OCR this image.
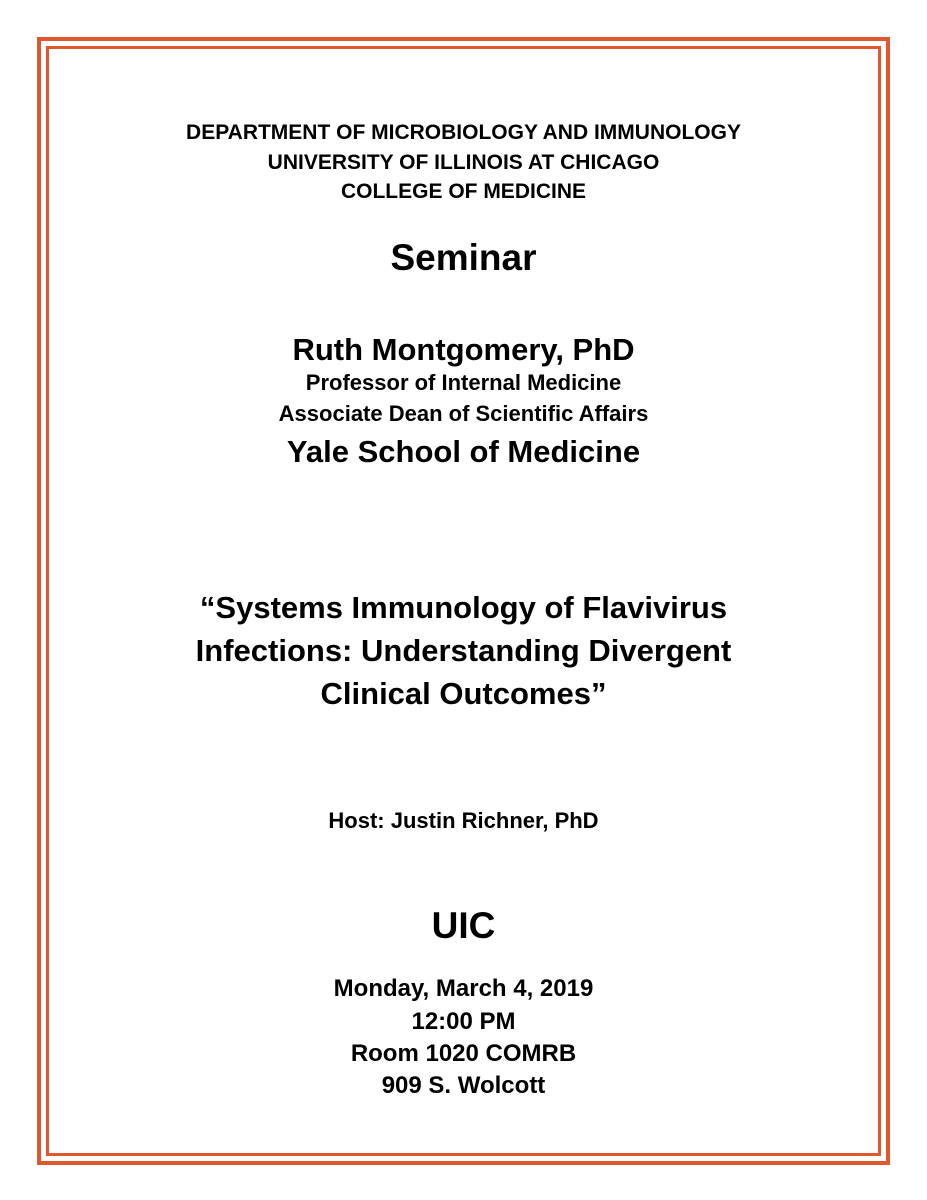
DEPARTMENT OF MICROBIOLOGY AND IMMUNOLOGY
UNIVERSITY OF ILLINOIS AT CHICAGO
COLLEGE OF MEDICINE
Seminar
Ruth Montgomery, PhD
Professor of Internal Medicine
Associate Dean of Scientific Affairs
Yale School of Medicine
“Systems Immunology of Flavivirus
Infections: Understanding Divergent
Clinical Outcomes”
Host: Justin Richner, PhD
UIC
Monday, March 4, 2019
12:00 PM
Room 1020 COMRB
909 S. Wolcott
